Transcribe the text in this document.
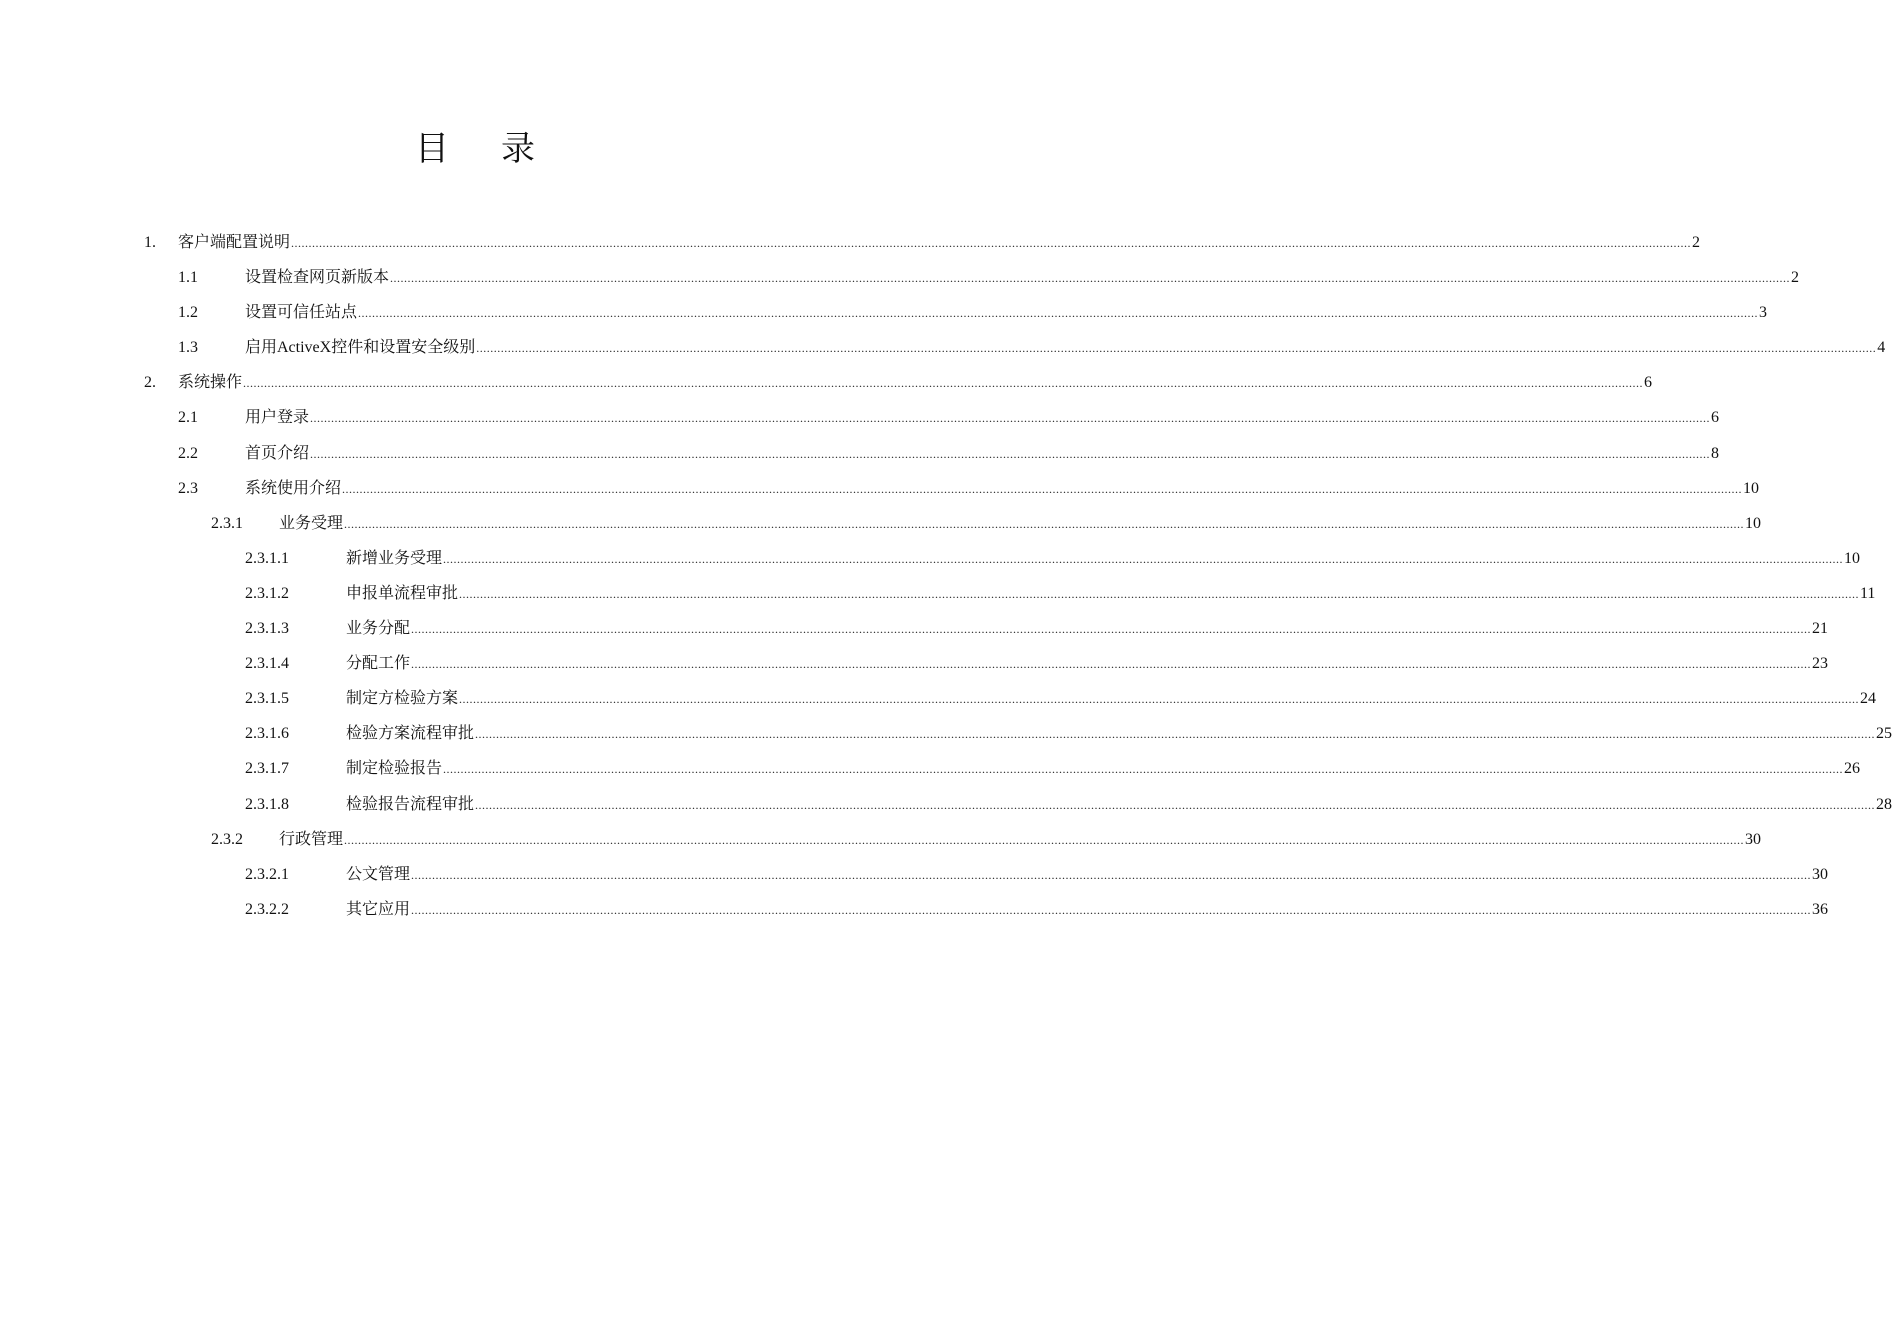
目录
1. 客户端配置说明 ................................................................................................................................................................................................................................................................................................................................................................................................................ 2
1.1	设置检查网页新版本 ................................................................................................................................................................................................................................................................................................................................................................................................................ 2
1.2	设置可信任站点 ................................................................................................................................................................................................................................................................................................................................................................................................................ 3
1.3	启用ActiveX控件和设置安全级别 ................................................................................................................................................................................................................................................................................................................................................................................................................ 4
2. 系统操作 ................................................................................................................................................................................................................................................................................................................................................................................................................ 6
2.1	用户登录 ................................................................................................................................................................................................................................................................................................................................................................................................................ 6
2.2	首页介绍 ................................................................................................................................................................................................................................................................................................................................................................................................................ 8
2.3	系统使用介绍 ................................................................................................................................................................................................................................................................................................................................................................................................................ 10
2.3.1 业务受理 ................................................................................................................................................................................................................................................................................................................................................................................................................ 10
2.3.1.1	新增业务受理 ................................................................................................................................................................................................................................................................................................................................................................................................................ 10
2.3.1.2	申报单流程审批 ................................................................................................................................................................................................................................................................................................................................................................................................................ 11
2.3.1.3	业务分配 ................................................................................................................................................................................................................................................................................................................................................................................................................ 21
2.3.1.4	分配工作 ................................................................................................................................................................................................................................................................................................................................................................................................................ 23
2.3.1.5	制定方检验方案 ................................................................................................................................................................................................................................................................................................................................................................................................................ 24
2.3.1.6	检验方案流程审批 ................................................................................................................................................................................................................................................................................................................................................................................................................ 25
2.3.1.7	制定检验报告 ................................................................................................................................................................................................................................................................................................................................................................................................................ 26
2.3.1.8	检验报告流程审批 ................................................................................................................................................................................................................................................................................................................................................................................................................ 28
2.3.2 行政管理 ................................................................................................................................................................................................................................................................................................................................................................................................................ 30
2.3.2.1	公文管理 ................................................................................................................................................................................................................................................................................................................................................................................................................ 30
2.3.2.2	其它应用 ................................................................................................................................................................................................................................................................................................................................................................................................................ 36
